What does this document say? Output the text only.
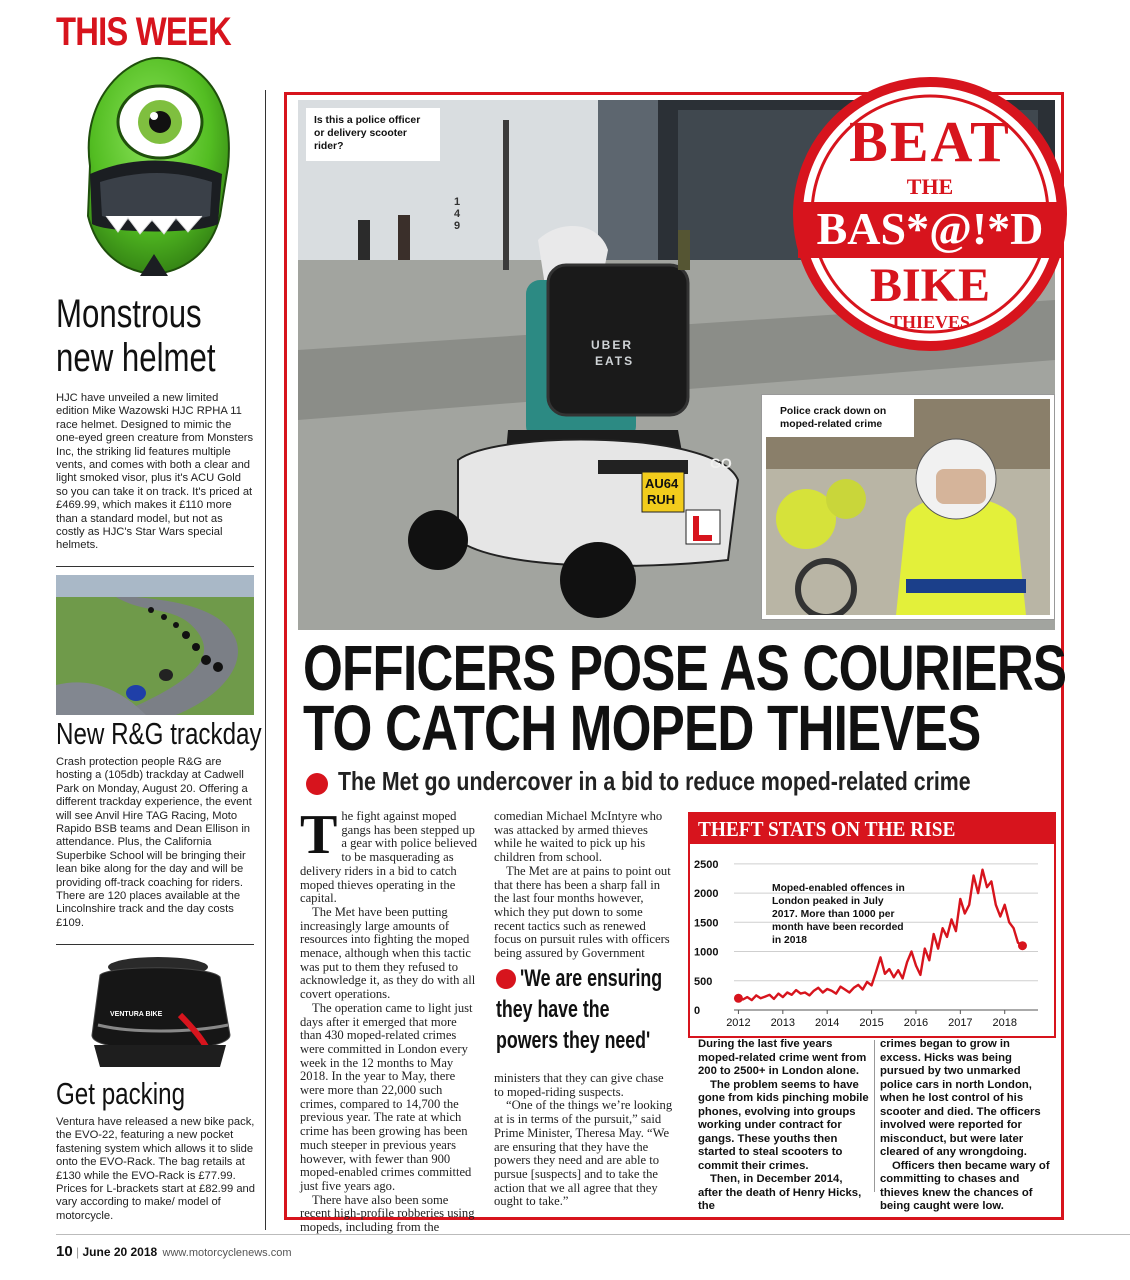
THIS WEEK
Monstrous
new helmet
HJC have unveiled a new limited edition Mike Wazowski HJC RPHA 11 race helmet. Designed to mimic the one-eyed green creature from Monsters Inc, the striking lid features multiple vents, and comes with both a clear and light smoked visor, plus it's ACU Gold so you can take it on track. It's priced at £469.99, which makes it £110 more than a standard model, but not as costly as HJC's Star Wars special helmets.
New R&G trackday
Crash protection people R&G are hosting a (105db) trackday at Cadwell Park on Monday, August 20. Offering a different trackday experience, the event will see Anvil Hire TAG Racing, Moto Rapido BSB teams and Dean Ellison in attendance. Plus, the California Superbike School will be bringing their lean bike along for the day and will be providing off-track coaching for riders. There are 120 places available at the Lincolnshire track and the day costs £109.
VENTURA BIKE
Get packing
Ventura have released a new bike pack, the EVO-22, featuring a new pocket fastening system which allows it to slide onto the EVO-Rack. The bag retails at £130 while the EVO-Rack is £77.99. Prices for L-brackets start at £82.99 and vary according to make/ model of motorcycle.
UBER
EATS
AU64
RUH
149
GO
Is this a police officer or delivery scooter rider?
Police crack down on moped-related crime
BEAT
THE
BAS*@!*D
BIKE
THIEVES
OFFICERS POSE AS COURIERS
TO CATCH MOPED THIEVES
The Met go undercover in a bid to reduce moped-related crime
T he fight against moped gangs has been stepped up a gear with police believed to be masquerading as delivery riders in a bid to catch moped thieves operating in the capital.

The Met have been putting increasingly large amounts of resources into fighting the moped menace, although when this tactic was put to them they refused to acknowledge it, as they do with all covert operations.

The operation came to light just days after it emerged that more than 430 moped-related crimes were committed in London every week in the 12 months to May 2018. In the year to May, there were more than 22,000 such crimes, compared to 14,700 the previous year. The rate at which crime has been growing has been much steeper in previous years however, with fewer than 900 moped-enabled crimes committed just five years ago.

There have also been some recent high-profile robberies using mopeds, including from the

comedian Michael McIntyre who was attacked by armed thieves while he waited to pick up his children from school.

The Met are at pains to point out that there has been a sharp fall in the last four months however, which they put down to some recent tactics such as renewed focus on pursuit rules with officers being assured by Government

'We are ensuring
they have the
powers they need'

ministers that they can give chase to moped-riding suspects.

“One of the things we’re looking at is in terms of the pursuit,” said Prime Minister, Theresa May. “We are ensuring that they have the powers they need and are able to pursue [suspects] and to take the action that we all agree that they ought to take.”

THEFT STATS ON THE RISE
0
500
1000
1500
2000
2500
2012 2013 2014 2015 2016 2017 2018
Moped-enabled offences in London peaked in July 2017. More than 1000 per month have been recorded in 2018

During the last five years moped-related crime went from 200 to 2500+ in London alone.

The problem seems to have gone from kids pinching mobile phones, evolving into groups working under contract for gangs. These youths then started to steal scooters to commit their crimes.

Then, in December 2014, after the death of Henry Hicks, the

crimes began to grow in excess. Hicks was being pursued by two unmarked police cars in north London, when he lost control of his scooter and died. The officers involved were reported for misconduct, but were later cleared of any wrongdoing.

Officers then became wary of committing to chases and thieves knew the chances of being caught were low.

10 | June 20 2018 www.motorcyclenews.com
